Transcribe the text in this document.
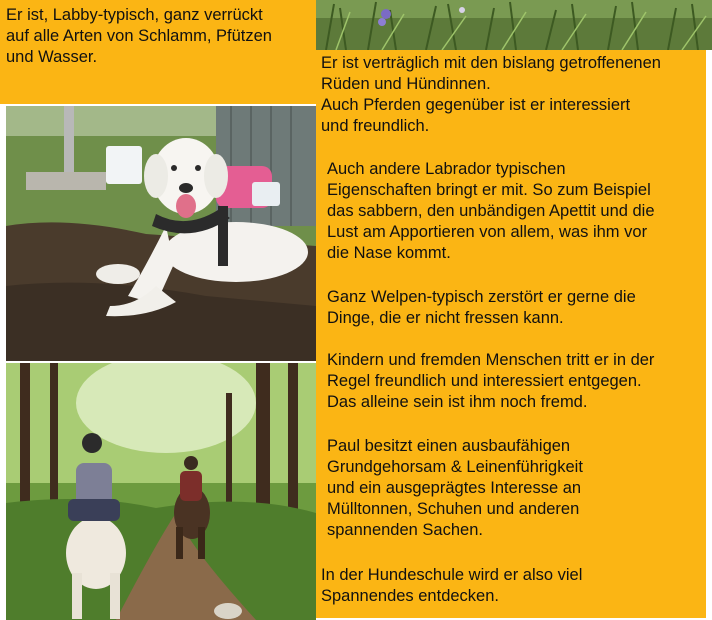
Er ist, Labby-typisch, ganz verrückt
auf alle Arten von Schlamm, Pfützen
und Wasser.	Er ist verträglich mit den bislang getroffenenen
Rüden und Hündinnen.
Auch Pferden gegenüber ist er interessiert
und freundlich.
Auch andere Labrador typischen
Eigenschaften bringt er mit. So zum Beispiel
das sabbern, den unbändigen Apettit und die
Lust am Apportieren von allem, was ihm vor
die Nase kommt.
Ganz Welpen-typisch zerstört er gerne die
Dinge, die er nicht fressen kann.
Kindern und fremden Menschen tritt er in der
Regel freundlich und interessiert entgegen.
Das alleine sein ist ihm noch fremd.
Paul besitzt einen ausbaufähigen
Grundgehorsam & Leinenführigkeit
und ein ausgeprägtes Interesse an
Mülltonnen, Schuhen und anderen
spannenden Sachen.
In der Hundeschule wird er also viel
Spannendes entdecken.
